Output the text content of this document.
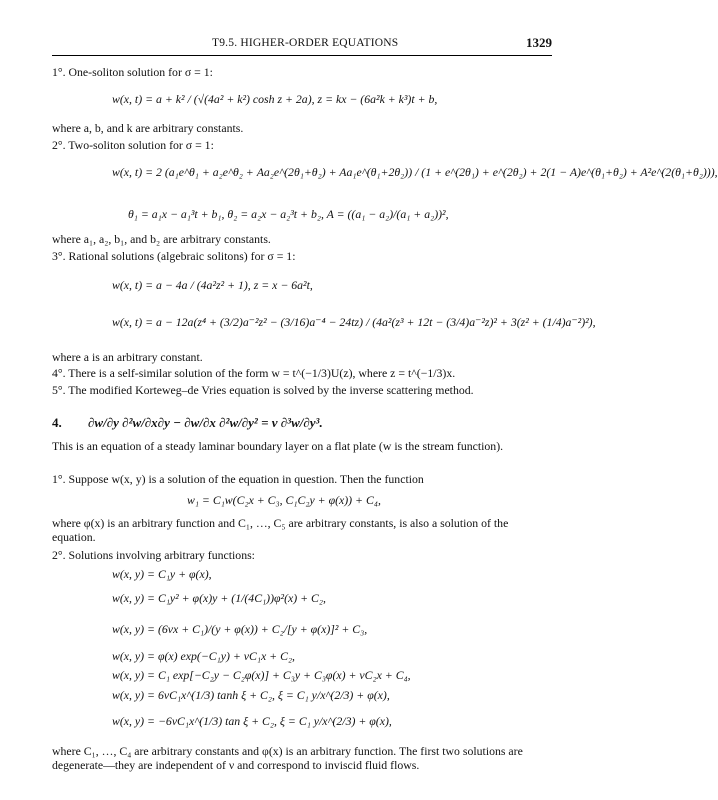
T9.5. HIGHER-ORDER EQUATIONS	1329
1°. One-soliton solution for σ = 1:
w(x, t) = a + k² / (√(4a² + k²) cosh z + 2a), z = kx − (6a²k + k³)t + b,
where a, b, and k are arbitrary constants.
2°. Two-soliton solution for σ = 1:
w(x, t) = 2 (a₁e^θ₁ + a₂e^θ₂ + Aa₂e^(2θ₁+θ₂) + Aa₁e^(θ₁+2θ₂)) / (1 + e^(2θ₁) + e^(2θ₂) + 2(1 − A)e^(θ₁+θ₂) + A²e^(2(θ₁+θ₂))),
θ₁ = a₁x − a₁³t + b₁, θ₂ = a₂x − a₂³t + b₂, A = ((a₁ − a₂)/(a₁ + a₂))²,
where a₁, a₂, b₁, and b₂ are arbitrary constants.
3°. Rational solutions (algebraic solitons) for σ = 1:
w(x, t) = a − 4a / (4a²z² + 1), z = x − 6a²t,
w(x, t) = a − 12a(z⁴ + (3/2)a⁻²z² − (3/16)a⁻⁴ − 24tz) / (4a²(z³ + 12t − (3/4)a⁻²z)² + 3(z² + (1/4)a⁻²)²),
where a is an arbitrary constant.
4°. There is a self-similar solution of the form w = t^(−1/3)U(z), where z = t^(−1/3)x.
5°. The modified Korteweg–de Vries equation is solved by the inverse scattering method.
4. ∂w/∂y ∂²w/∂x∂y − ∂w/∂x ∂²w/∂y² = ν ∂³w/∂y³.
This is an equation of a steady laminar boundary layer on a flat plate (w is the stream function).
1°. Suppose w(x, y) is a solution of the equation in question. Then the function
w₁ = C₁w(C₂x + C₃, C₁C₂y + φ(x)) + C₄,
where φ(x) is an arbitrary function and C₁, …, C₅ are arbitrary constants, is also a solution of the equation.
2°. Solutions involving arbitrary functions:
w(x, y) = C₁y + φ(x),
w(x, y) = C₁y² + φ(x)y + (1/(4C₁))φ²(x) + C₂,
w(x, y) = (6νx + C₁)/(y + φ(x)) + C₂/[y + φ(x)]² + C₃,
w(x, y) = φ(x) exp(−C₁y) + νC₁x + C₂,
w(x, y) = C₁ exp[−C₂y − C₂φ(x)] + C₃y + C₃φ(x) + νC₂x + C₄,
w(x, y) = 6νC₁x^(1/3) tanh ξ + C₂, ξ = C₁ y/x^(2/3) + φ(x),
w(x, y) = −6νC₁x^(1/3) tan ξ + C₂, ξ = C₁ y/x^(2/3) + φ(x),
where C₁, …, C₄ are arbitrary constants and φ(x) is an arbitrary function. The first two solutions are degenerate—they are independent of ν and correspond to inviscid fluid flows.
